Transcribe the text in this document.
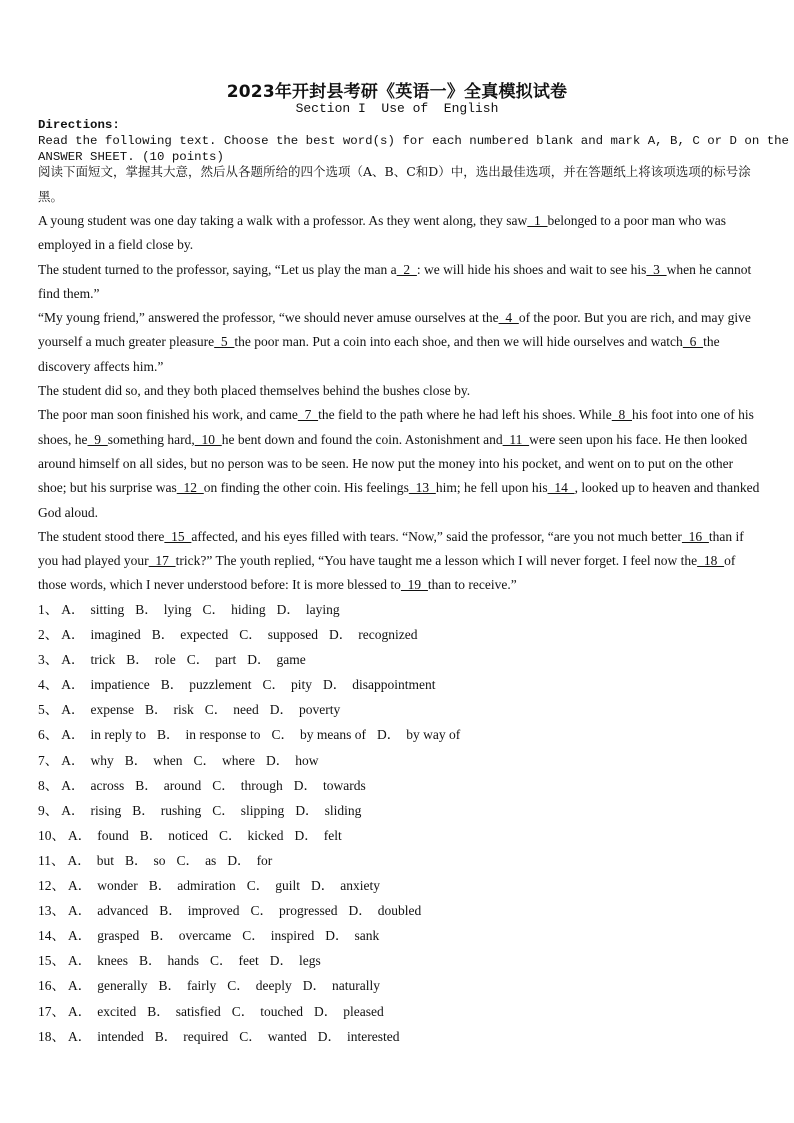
2023年开封县考研《英语一》全真模拟试卷
Section I  Use of  English
Directions:
Read the following text. Choose the best word(s) for each numbered blank and mark A, B, C or D on the
ANSWER SHEET. (10 points)
阅读下面短文，掌握其大意，然后从各题所给的四个选项（A、B、C和D）中，选出最佳选项，并在答题纸上将该项选项的标号涂黑。

A young student was one day taking a walk with a professor. As they went along, they saw  1  belonged to a poor man who was employed in a field close by.

The student turned to the professor, saying, “Let us play the man a  2  : we will hide his shoes and wait to see his  3  when he cannot find them.”

“My young friend,” answered the professor, “we should never amuse ourselves at the  4  of the poor. But you are rich, and may give yourself a much greater pleasure  5  the poor man. Put a coin into each shoe, and then we will hide ourselves and watch  6  the discovery affects him.”

The student did so, and they both placed themselves behind the bushes close by.

The poor man soon finished his work, and came  7  the field to the path where he had left his shoes. While  8  his foot into one of his shoes, he  9  something hard,  10  he bent down and found the coin. Astonishment and  11  were seen upon his face. He then looked around himself on all sides, but no person was to be seen. He now put the money into his pocket, and went on to put on the other shoe; but his surprise was  12  on finding the other coin. His feelings  13  him; he fell upon his  14  , looked up to heaven and thanked God aloud.

The student stood there  15  affected, and his eyes filled with tears. “Now,” said the professor, “are you not much better  16  than if you had played your  17  trick?” The youth replied, “You have taught me a lesson which I will never forget. I feel now the  18  of those words, which I never understood before: It is more blessed to  19  than to receive.”

1、 A． sitting B． lying C． hiding D． laying
2、 A． imagined B． expected C． supposed D． recognized
3、 A． trick B． role C． part D． game
4、 A． impatience B． puzzlement C． pity D． disappointment
5、 A． expense B． risk C． need D． poverty
6、 A． in reply to B． in response to C． by means of D． by way of
7、 A． why B． when C． where D． how
8、 A． across B． around C． through D． towards
9、 A． rising B． rushing C． slipping D． sliding
10、 A． found B． noticed C． kicked D． felt
11、 A． but B． so C． as D． for
12、 A． wonder B． admiration C． guilt D． anxiety
13、 A． advanced B． improved C． progressed D． doubled
14、 A． grasped B． overcame C． inspired D． sank
15、 A． knees B． hands C． feet D． legs
16、 A． generally B． fairly C． deeply D． naturally
17、 A． excited B． satisfied C． touched D． pleased
18、 A． intended B． required C． wanted D． interested
